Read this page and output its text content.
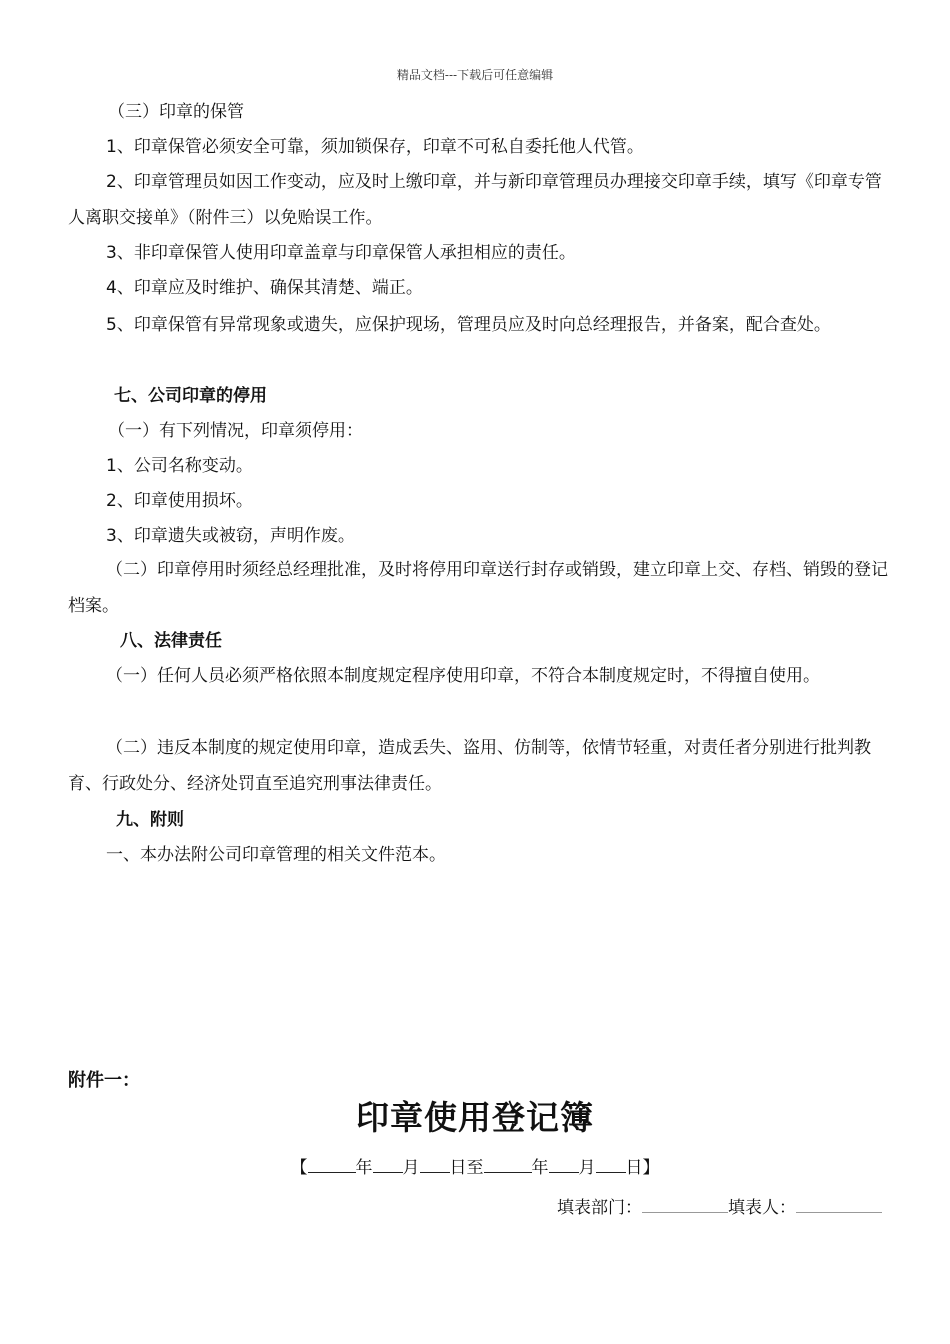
精品文档---下载后可任意编辑
（三）印章的保管
1、印章保管必须安全可靠，须加锁保存，印章不可私自委托他人代管。
2、印章管理员如因工作变动，应及时上缴印章，并与新印章管理员办理接交印章手续，填写《印章专管人离职交接单》（附件三）以免贻误工作。
3、非印章保管人使用印章盖章与印章保管人承担相应的责任。
4、印章应及时维护、确保其清楚、端正。
5、印章保管有异常现象或遗失，应保护现场，管理员应及时向总经理报告，并备案，配合查处。
七、公司印章的停用
（一）有下列情况，印章须停用：
1、公司名称变动。
2、印章使用损坏。
3、印章遗失或被窃，声明作废。
（二）印章停用时须经总经理批准，及时将停用印章送行封存或销毁，建立印章上交、存档、销毁的登记档案。
八、法律责任
（一）任何人员必须严格依照本制度规定程序使用印章，不符合本制度规定时，不得擅自使用。
（二）违反本制度的规定使用印章，造成丢失、盗用、仿制等，依情节轻重，对责任者分别进行批判教育、行政处分、经济处罚直至追究刑事法律责任。
九、附则
一、本办法附公司印章管理的相关文件范本。
附件一：
印章使用登记簿
【	年 月 日至	年 月 日】
填表部门：	填表人：
